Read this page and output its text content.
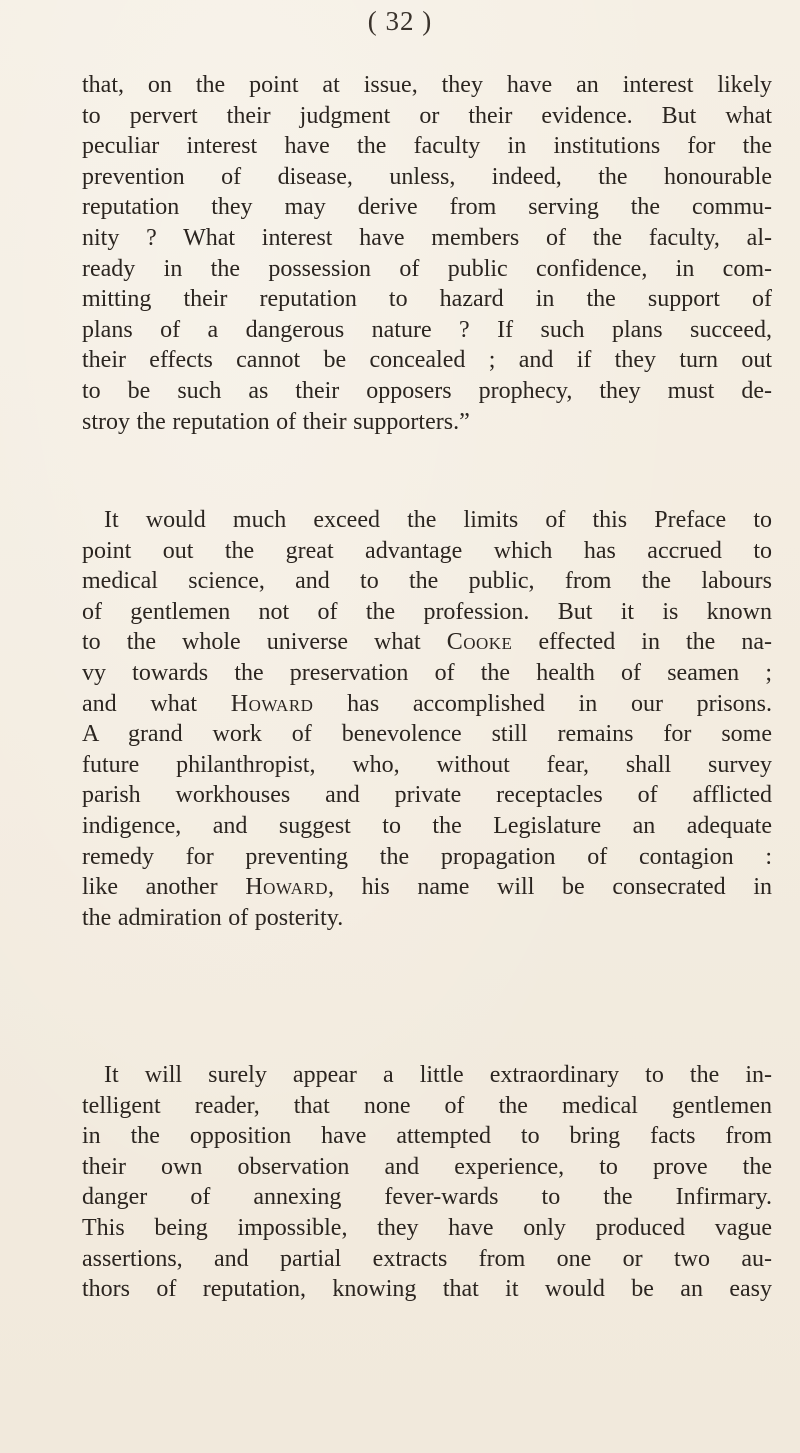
( 32 )
that, on the point at issue, they have an interest likely
to pervert their judgment or their evidence. But what
peculiar interest have the faculty in institutions for the
prevention of disease, unless, indeed, the honourable
reputation they may derive from serving the commu-
nity ? What interest have members of the faculty, al-
ready in the possession of public confidence, in com-
mitting their reputation to hazard in the support of
plans of a dangerous nature ? If such plans succeed,
their effects cannot be concealed ; and if they turn out
to be such as their opposers prophecy, they must de-
stroy the reputation of their supporters.”
It would much exceed the limits of this Preface to
point out the great advantage which has accrued to
medical science, and to the public, from the labours
of gentlemen not of the profession. But it is known
to the whole universe what Cooke effected in the na-
vy towards the preservation of the health of seamen ;
and what Howard has accomplished in our prisons.
A grand work of benevolence still remains for some
future philanthropist, who, without fear, shall survey
parish workhouses and private receptacles of afflicted
indigence, and suggest to the Legislature an adequate
remedy for preventing the propagation of contagion :
like another Howard, his name will be consecrated in
the admiration of posterity.
It will surely appear a little extraordinary to the in-
telligent reader, that none of the medical gentlemen
in the opposition have attempted to bring facts from
their own observation and experience, to prove the
danger of annexing fever-wards to the Infirmary.
This being impossible, they have only produced vague
assertions, and partial extracts from one or two au-
thors of reputation, knowing that it would be an easy
